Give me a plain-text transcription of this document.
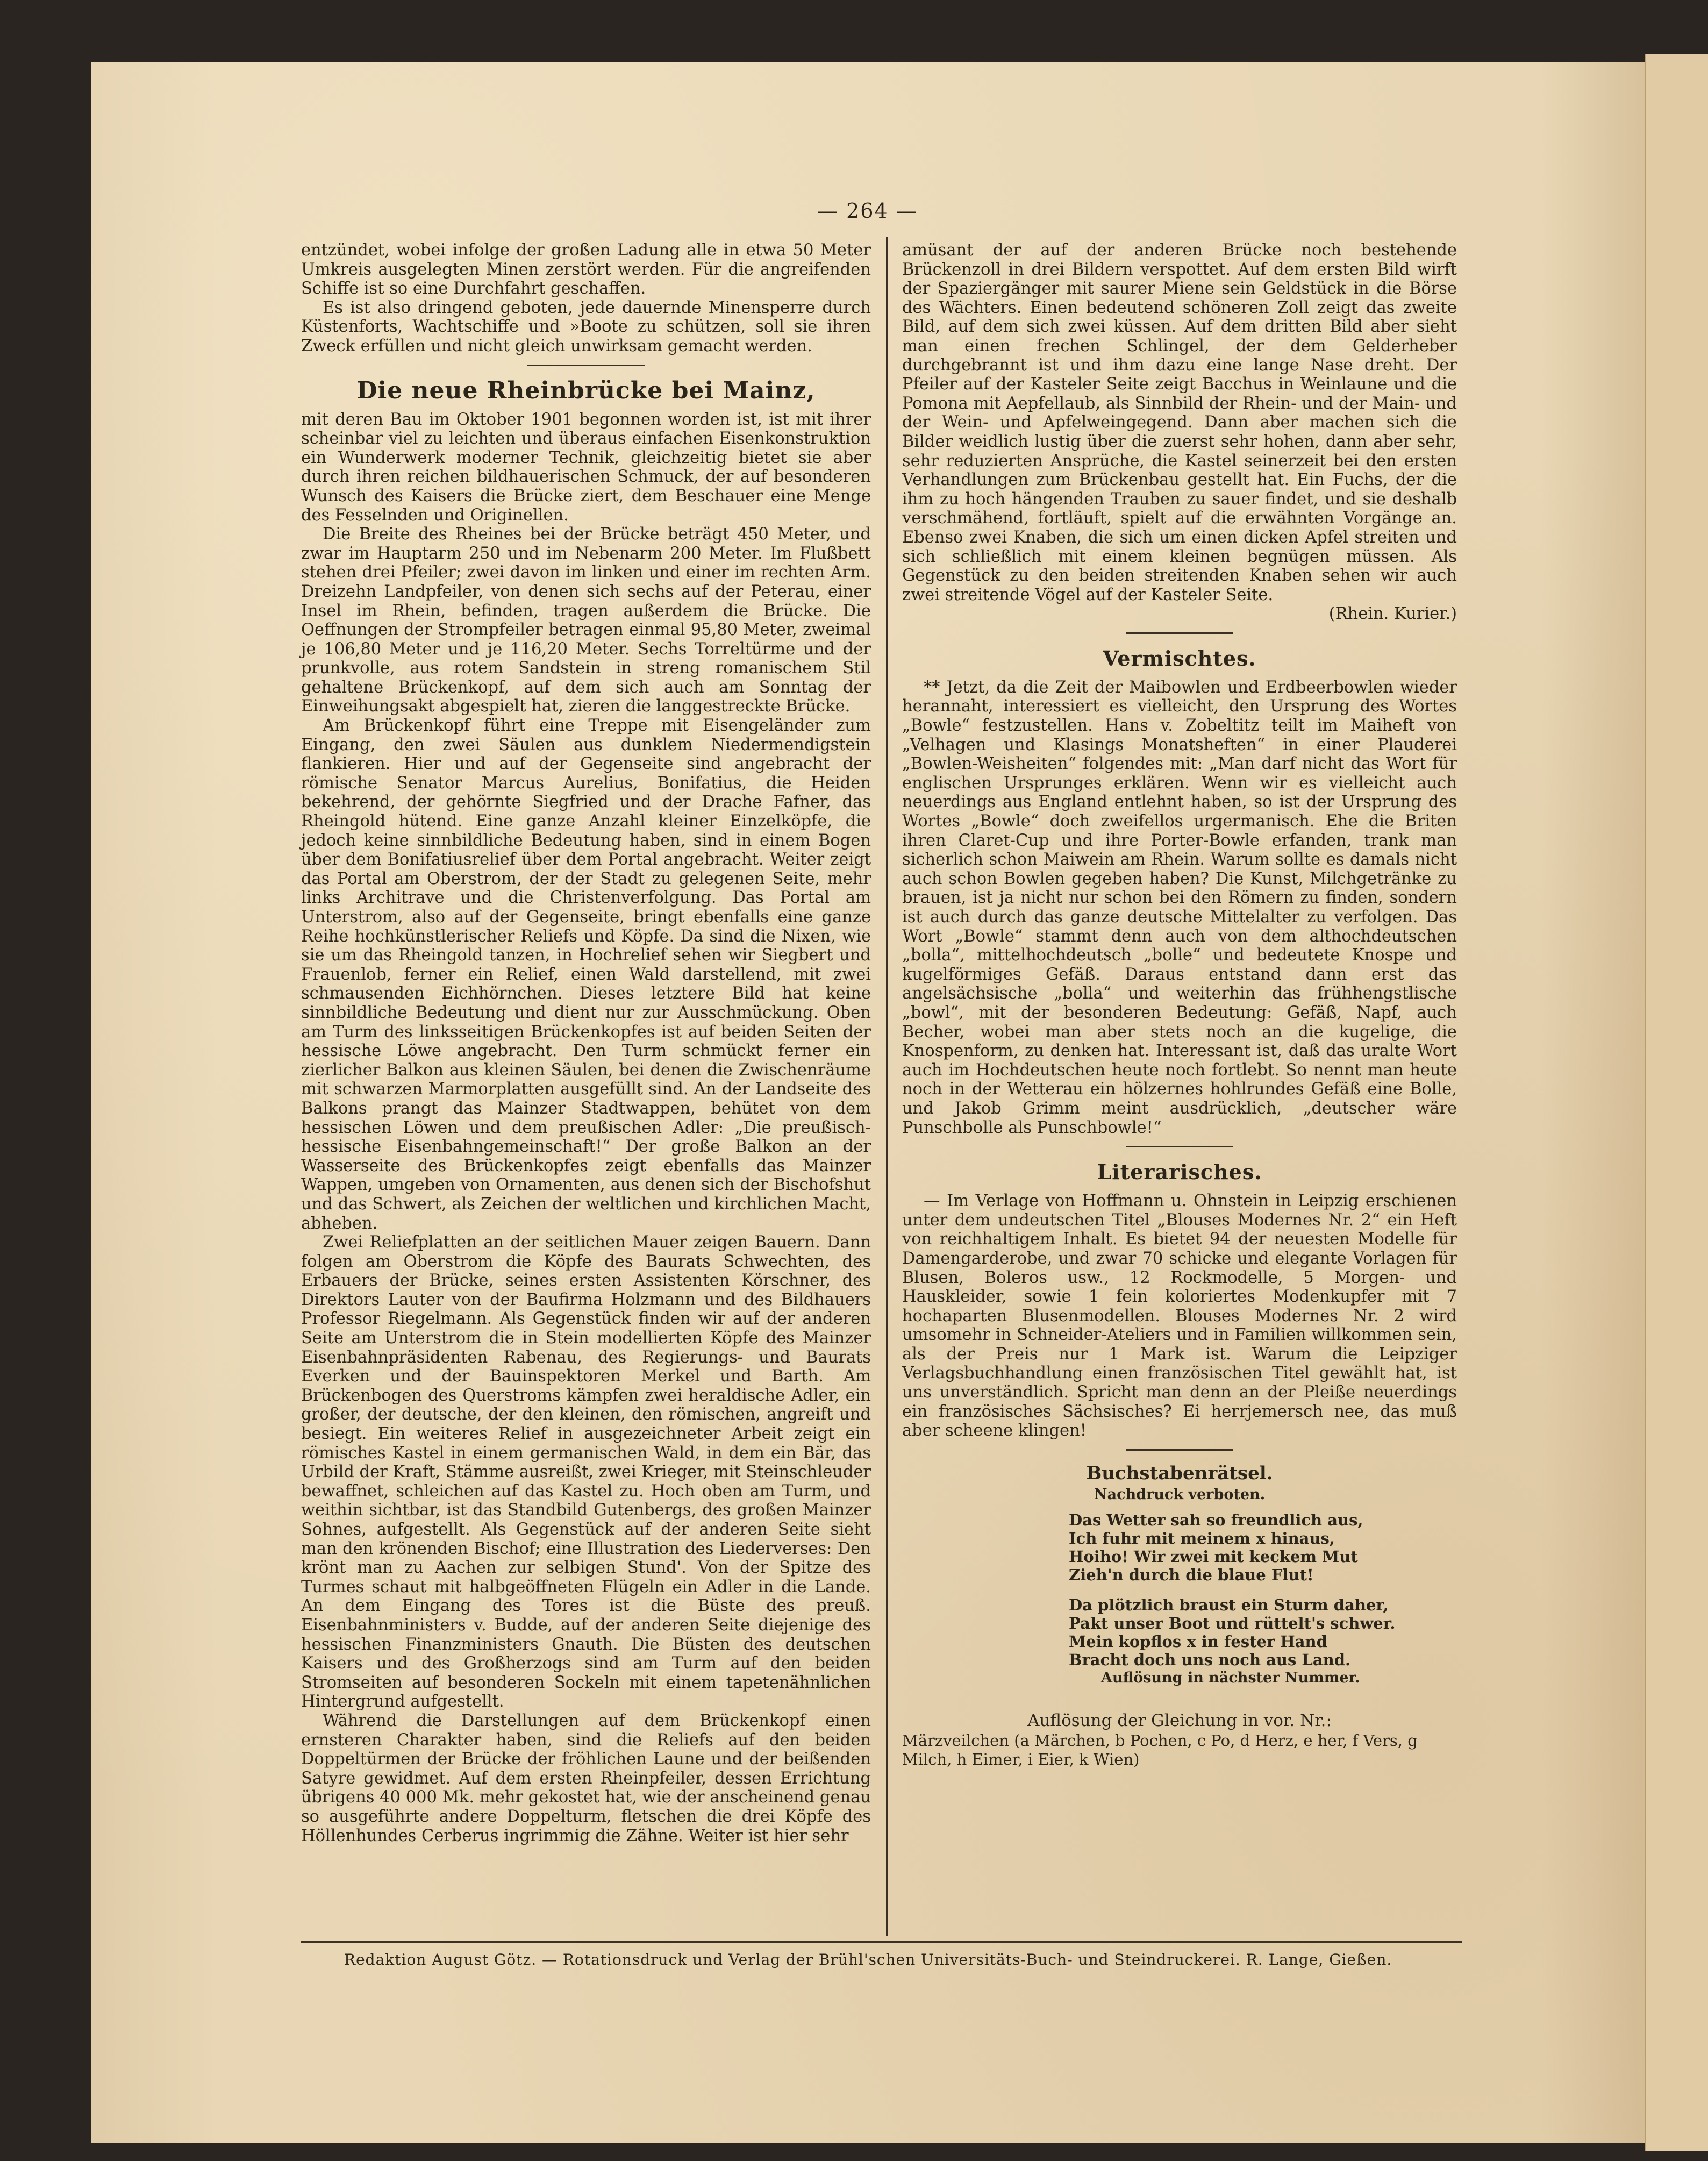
— 264 —

entzündet, wobei infolge der großen Ladung alle in etwa 50 Meter Umkreis ausgelegten Minen zerstört werden. Für die angreifenden Schiffe ist so eine Durchfahrt geschaffen.

Es ist also dringend geboten, jede dauernde Minensperre durch Küstenforts, Wachtschiffe und »Boote zu schützen, soll sie ihren Zweck erfüllen und nicht gleich unwirksam gemacht werden.

Die neue Rheinbrücke bei Mainz,

mit deren Bau im Oktober 1901 begonnen worden ist, ist mit ihrer scheinbar viel zu leichten und überaus einfachen Eisenkonstruktion ein Wunderwerk moderner Technik, gleichzeitig bietet sie aber durch ihren reichen bildhauerischen Schmuck, der auf besonderen Wunsch des Kaisers die Brücke ziert, dem Beschauer eine Menge des Fesselnden und Originellen.

Die Breite des Rheines bei der Brücke beträgt 450 Meter, und zwar im Hauptarm 250 und im Nebenarm 200 Meter. Im Flußbett stehen drei Pfeiler; zwei davon im linken und einer im rechten Arm. Dreizehn Landpfeiler, von denen sich sechs auf der Peterau, einer Insel im Rhein, befinden, tragen außerdem die Brücke. Die Oeffnungen der Strompfeiler betragen einmal 95,80 Meter, zweimal je 106,80 Meter und je 116,20 Meter. Sechs Torreltürme und der prunkvolle, aus rotem Sandstein in streng romanischem Stil gehaltene Brückenkopf, auf dem sich auch am Sonntag der Einweihungsakt abgespielt hat, zieren die langgestreckte Brücke.

Am Brückenkopf führt eine Treppe mit Eisengeländer zum Eingang, den zwei Säulen aus dunklem Niedermendigstein flankieren. Hier und auf der Gegenseite sind angebracht der römische Senator Marcus Aurelius, Bonifatius, die Heiden bekehrend, der gehörnte Siegfried und der Drache Fafner, das Rheingold hütend. Eine ganze Anzahl kleiner Einzelköpfe, die jedoch keine sinnbildliche Bedeutung haben, sind in einem Bogen über dem Bonifatiusrelief über dem Portal angebracht. Weiter zeigt das Portal am Oberstrom, der der Stadt zu gelegenen Seite, mehr links Architrave und die Christenverfolgung. Das Portal am Unterstrom, also auf der Gegenseite, bringt ebenfalls eine ganze Reihe hochkünstlerischer Reliefs und Köpfe. Da sind die Nixen, wie sie um das Rheingold tanzen, in Hochrelief sehen wir Siegbert und Frauenlob, ferner ein Relief, einen Wald darstellend, mit zwei schmausenden Eichhörnchen. Dieses letztere Bild hat keine sinnbildliche Bedeutung und dient nur zur Ausschmückung. Oben am Turm des linksseitigen Brückenkopfes ist auf beiden Seiten der hessische Löwe angebracht. Den Turm schmückt ferner ein zierlicher Balkon aus kleinen Säulen, bei denen die Zwischenräume mit schwarzen Marmorplatten ausgefüllt sind. An der Landseite des Balkons prangt das Mainzer Stadtwappen, behütet von dem hessischen Löwen und dem preußischen Adler: „Die preußisch-hessische Eisenbahngemeinschaft!“ Der große Balkon an der Wasserseite des Brückenkopfes zeigt ebenfalls das Mainzer Wappen, umgeben von Ornamenten, aus denen sich der Bischofshut und das Schwert, als Zeichen der weltlichen und kirchlichen Macht, abheben.

Zwei Reliefplatten an der seitlichen Mauer zeigen Bauern. Dann folgen am Oberstrom die Köpfe des Baurats Schwechten, des Erbauers der Brücke, seines ersten Assistenten Körschner, des Direktors Lauter von der Baufirma Holzmann und des Bildhauers Professor Riegelmann. Als Gegenstück finden wir auf der anderen Seite am Unterstrom die in Stein modellierten Köpfe des Mainzer Eisenbahnpräsidenten Rabenau, des Regierungs- und Baurats Everken und der Bauinspektoren Merkel und Barth. Am Brückenbogen des Querstroms kämpfen zwei heraldische Adler, ein großer, der deutsche, der den kleinen, den römischen, angreift und besiegt. Ein weiteres Relief in ausgezeichneter Arbeit zeigt ein römisches Kastel in einem germanischen Wald, in dem ein Bär, das Urbild der Kraft, Stämme ausreißt, zwei Krieger, mit Steinschleuder bewaffnet, schleichen auf das Kastel zu. Hoch oben am Turm, und weithin sichtbar, ist das Standbild Gutenbergs, des großen Mainzer Sohnes, aufgestellt. Als Gegenstück auf der anderen Seite sieht man den krönenden Bischof; eine Illustration des Liederverses: Den krönt man zu Aachen zur selbigen Stund'. Von der Spitze des Turmes schaut mit halbgeöffneten Flügeln ein Adler in die Lande. An dem Eingang des Tores ist die Büste des preuß. Eisenbahnministers v. Budde, auf der anderen Seite diejenige des hessischen Finanzministers Gnauth. Die Büsten des deutschen Kaisers und des Großherzogs sind am Turm auf den beiden Stromseiten auf besonderen Sockeln mit einem tapetenähnlichen Hintergrund aufgestellt.

Während die Darstellungen auf dem Brückenkopf einen ernsteren Charakter haben, sind die Reliefs auf den beiden Doppeltürmen der Brücke der fröhlichen Laune und der beißenden Satyre gewidmet. Auf dem ersten Rheinpfeiler, dessen Errichtung übrigens 40 000 Mk. mehr gekostet hat, wie der anscheinend genau so ausgeführte andere Doppelturm, fletschen die drei Köpfe des Höllenhundes Cerberus ingrimmig die Zähne. Weiter ist hier sehr

amüsant der auf der anderen Brücke noch bestehende Brückenzoll in drei Bildern verspottet. Auf dem ersten Bild wirft der Spaziergänger mit saurer Miene sein Geldstück in die Börse des Wächters. Einen bedeutend schöneren Zoll zeigt das zweite Bild, auf dem sich zwei küssen. Auf dem dritten Bild aber sieht man einen frechen Schlingel, der dem Gelderheber durchgebrannt ist und ihm dazu eine lange Nase dreht. Der Pfeiler auf der Kasteler Seite zeigt Bacchus in Weinlaune und die Pomona mit Aepfellaub, als Sinnbild der Rhein- und der Main- und der Wein- und Apfelweingegend. Dann aber machen sich die Bilder weidlich lustig über die zuerst sehr hohen, dann aber sehr, sehr reduzierten Ansprüche, die Kastel seinerzeit bei den ersten Verhandlungen zum Brückenbau gestellt hat. Ein Fuchs, der die ihm zu hoch hängenden Trauben zu sauer findet, und sie deshalb verschmähend, fortläuft, spielt auf die erwähnten Vorgänge an. Ebenso zwei Knaben, die sich um einen dicken Apfel streiten und sich schließlich mit einem kleinen begnügen müssen. Als Gegenstück zu den beiden streitenden Knaben sehen wir auch zwei streitende Vögel auf der Kasteler Seite.

(Rhein. Kurier.)

Vermischtes.

** Jetzt, da die Zeit der Maibowlen und Erdbeerbowlen wieder herannaht, interessiert es vielleicht, den Ursprung des Wortes „Bowle“ festzustellen. Hans v. Zobeltitz teilt im Maiheft von „Velhagen und Klasings Monatsheften“ in einer Plauderei „Bowlen-Weisheiten“ folgendes mit: „Man darf nicht das Wort für englischen Ursprunges erklären. Wenn wir es vielleicht auch neuerdings aus England entlehnt haben, so ist der Ursprung des Wortes „Bowle“ doch zweifellos urgermanisch. Ehe die Briten ihren Claret-Cup und ihre Porter-Bowle erfanden, trank man sicherlich schon Maiwein am Rhein. Warum sollte es damals nicht auch schon Bowlen gegeben haben? Die Kunst, Milchgetränke zu brauen, ist ja nicht nur schon bei den Römern zu finden, sondern ist auch durch das ganze deutsche Mittelalter zu verfolgen. Das Wort „Bowle“ stammt denn auch von dem althochdeutschen „bolla“, mittelhochdeutsch „bolle“ und bedeutete Knospe und kugelförmiges Gefäß. Daraus entstand dann erst das angelsächsische „bolla“ und weiterhin das frühhengstlische „bowl“, mit der besonderen Bedeutung: Gefäß, Napf, auch Becher, wobei man aber stets noch an die kugelige, die Knospenform, zu denken hat. Interessant ist, daß das uralte Wort auch im Hochdeutschen heute noch fortlebt. So nennt man heute noch in der Wetterau ein hölzernes hohlrundes Gefäß eine Bolle, und Jakob Grimm meint ausdrücklich, „deutscher wäre Punschbolle als Punschbowle!“

Literarisches.

— Im Verlage von Hoffmann u. Ohnstein in Leipzig erschienen unter dem undeutschen Titel „Blouses Modernes Nr. 2“ ein Heft von reichhaltigem Inhalt. Es bietet 94 der neuesten Modelle für Damengarderobe, und zwar 70 schicke und elegante Vorlagen für Blusen, Boleros usw., 12 Rockmodelle, 5 Morgen- und Hauskleider, sowie 1 fein koloriertes Modenkupfer mit 7 hochaparten Blusenmodellen. Blouses Modernes Nr. 2 wird umsomehr in Schneider-Ateliers und in Familien willkommen sein, als der Preis nur 1 Mark ist. Warum die Leipziger Verlagsbuchhandlung einen französischen Titel gewählt hat, ist uns unverständlich. Spricht man denn an der Pleiße neuerdings ein französisches Sächsisches? Ei herrjemersch nee, das muß aber scheene klingen!

Buchstabenrätsel.
Nachdruck verboten.
Das Wetter sah so freundlich aus,
Ich fuhr mit meinem x hinaus,
Hoiho! Wir zwei mit keckem Mut
Zieh'n durch die blaue Flut!
Da plötzlich braust ein Sturm daher,
Pakt unser Boot und rüttelt's schwer.
Mein kopflos x in fester Hand
Bracht doch uns noch aus Land.
Auflösung in nächster Nummer.
Auflösung der Gleichung in vor. Nr.:

Märzveilchen (a Märchen, b Pochen, c Po, d Herz, e her, f Vers, g Milch, h Eimer, i Eier, k Wien)

Redaktion August Götz. — Rotationsdruck und Verlag der Brühl'schen Universitäts-Buch- und Steindruckerei. R. Lange, Gießen.
